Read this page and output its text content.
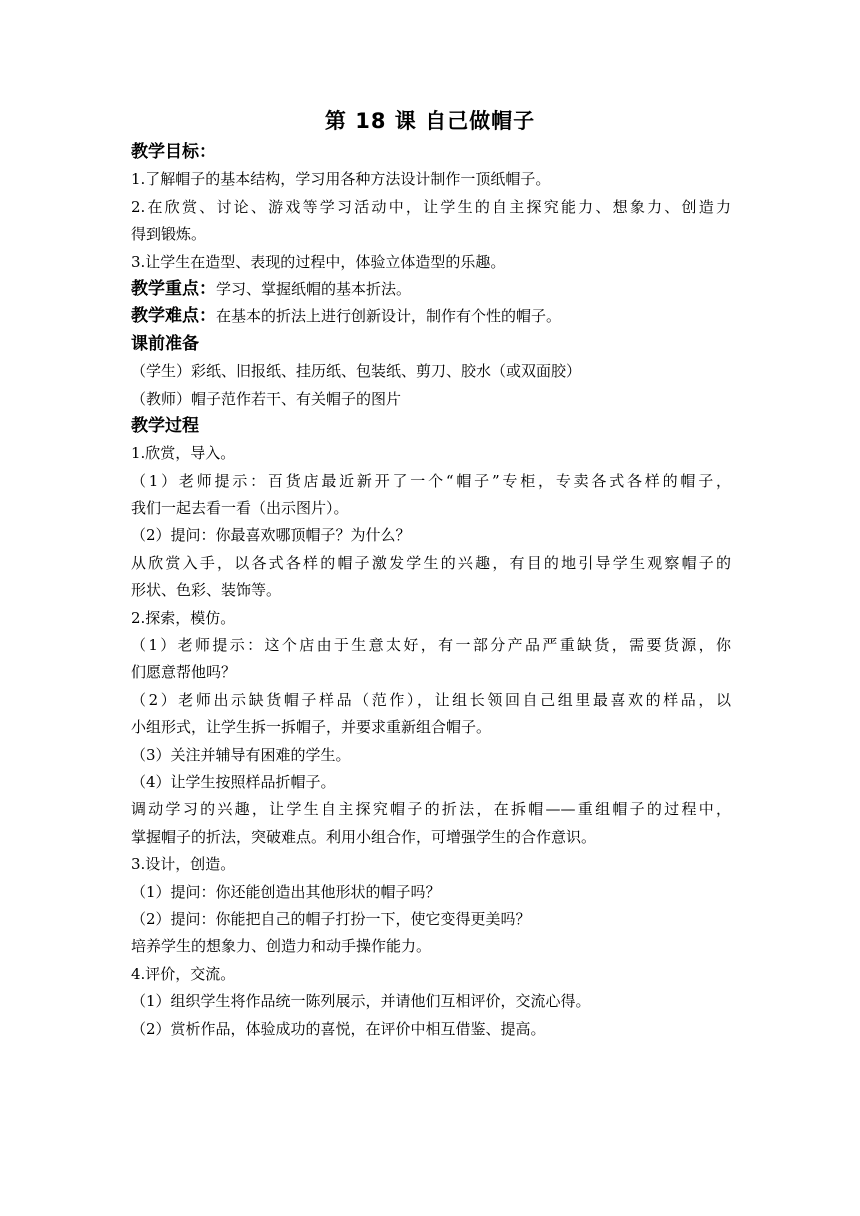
第 18 课 自己做帽子
教学目标：
1.了解帽子的基本结构，学习用各种方法设计制作一顶纸帽子。
2.在欣赏、讨论、游戏等学习活动中，让学生的自主探究能力、想象力、创造力
得到锻炼。
3.让学生在造型、表现的过程中，体验立体造型的乐趣。
教学重点：学习、掌握纸帽的基本折法。
教学难点：在基本的折法上进行创新设计，制作有个性的帽子。
课前准备
（学生）彩纸、旧报纸、挂历纸、包装纸、剪刀、胶水（或双面胶）
（教师）帽子范作若干、有关帽子的图片
教学过程
1.欣赏，导入。
（1）老师提示：百货店最近新开了一个“帽子”专柜，专卖各式各样的帽子，
我们一起去看一看（出示图片）。
（2）提问：你最喜欢哪顶帽子？为什么？
从欣赏入手，以各式各样的帽子激发学生的兴趣，有目的地引导学生观察帽子的
形状、色彩、装饰等。
2.探索，模仿。
（1）老师提示：这个店由于生意太好，有一部分产品严重缺货，需要货源，你
们愿意帮他吗？
（2）老师出示缺货帽子样品（范作），让组长领回自己组里最喜欢的样品，以
小组形式，让学生拆一拆帽子，并要求重新组合帽子。
（3）关注并辅导有困难的学生。
（4）让学生按照样品折帽子。
调动学习的兴趣，让学生自主探究帽子的折法，在拆帽——重组帽子的过程中，
掌握帽子的折法，突破难点。利用小组合作，可增强学生的合作意识。
3.设计，创造。
（1）提问：你还能创造出其他形状的帽子吗？
（2）提问：你能把自己的帽子打扮一下，使它变得更美吗？
培养学生的想象力、创造力和动手操作能力。
4.评价，交流。
（1）组织学生将作品统一陈列展示，并请他们互相评价，交流心得。
（2）赏析作品，体验成功的喜悦，在评价中相互借鉴、提高。
